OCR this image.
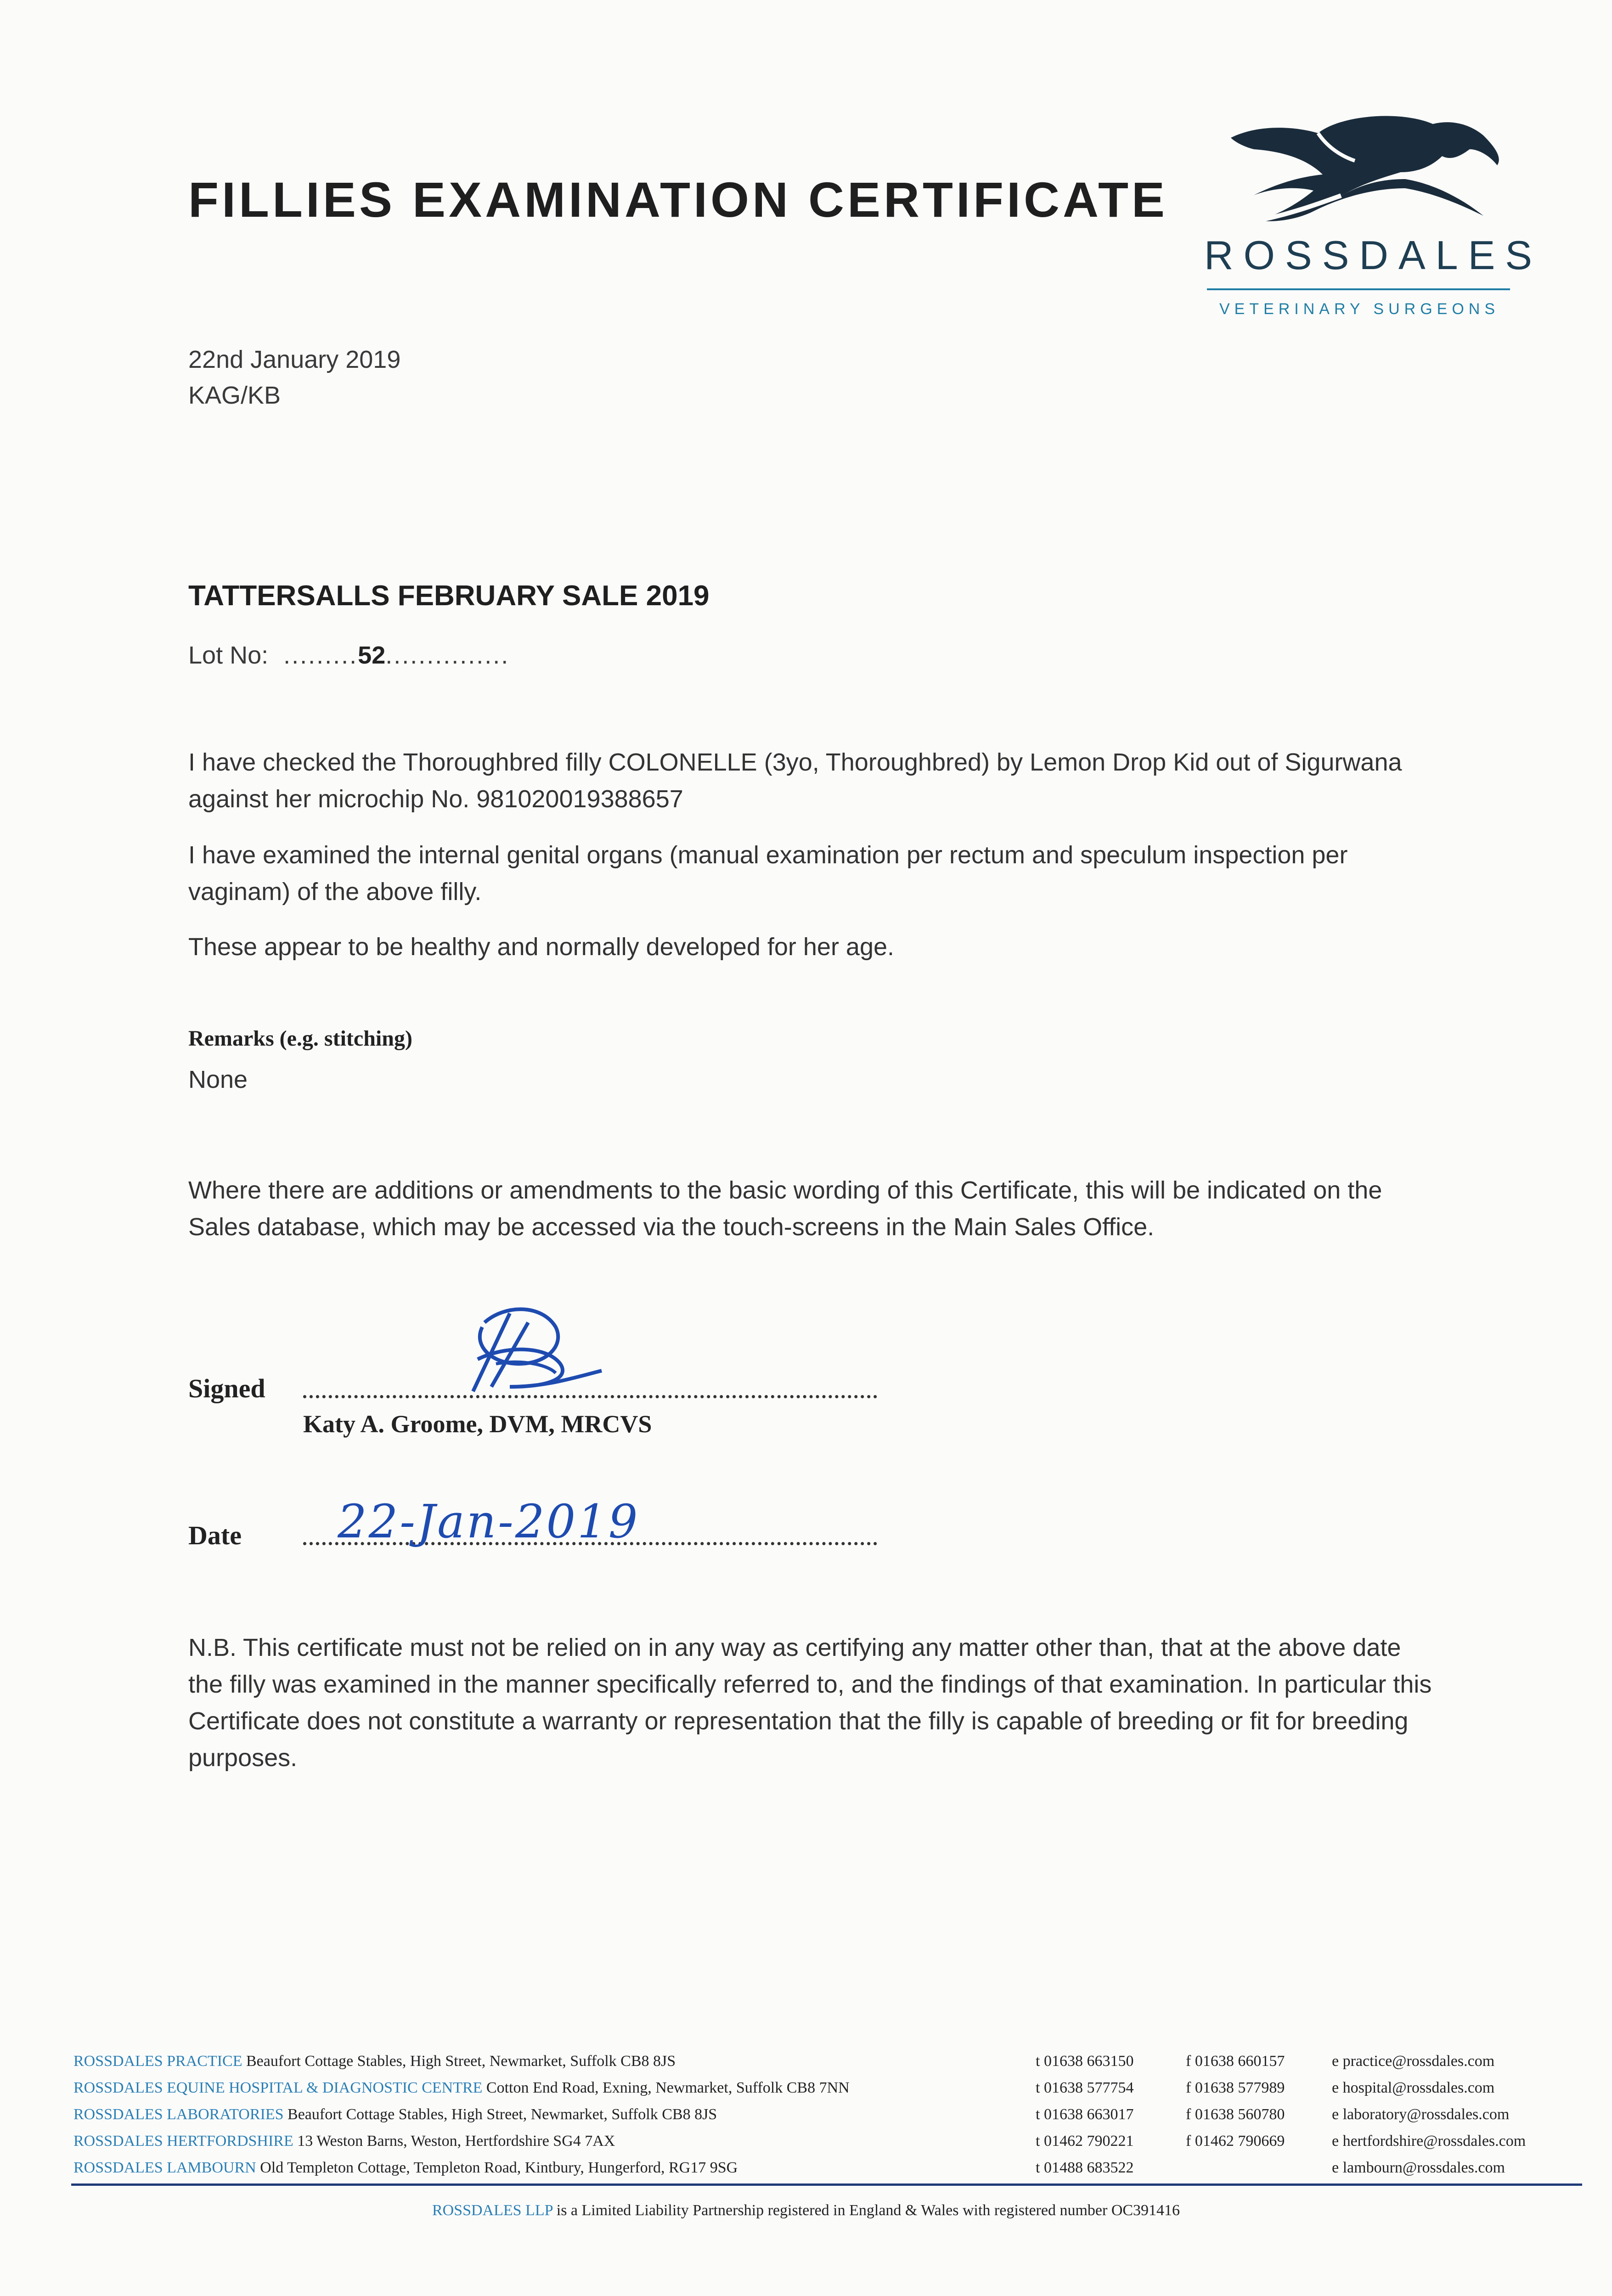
FILLIES EXAMINATION CERTIFICATE
ROSSDALES
VETERINARY SURGEONS
22nd January 2019
KAG/KB
TATTERSALLS FEBRUARY SALE 2019
Lot No:  .........52...............

I have checked the Thoroughbred filly COLONELLE (3yo, Thoroughbred) by Lemon Drop Kid out of Sigurwana against her microchip No. 981020019388657

I have examined the internal genital organs (manual examination per rectum and speculum inspection per vaginam) of the above filly.

These appear to be healthy and normally developed for her age.

Remarks (e.g. stitching)
None

Where there are additions or amendments to the basic wording of this Certificate, this will be indicated on the Sales database, which may be accessed via the touch-screens in the Main Sales Office.

Signed
Katy A. Groome, DVM, MRCVS
Date 22-Jan-2019

N.B. This certificate must not be relied on in any way as certifying any matter other than, that at the above date the filly was examined in the manner specifically referred to, and the findings of that examination. In particular this Certificate does not constitute a warranty or representation that the filly is capable of breeding or fit for breeding purposes.

ROSSDALES PRACTICE Beaufort Cottage Stables, High Street, Newmarket, Suffolk CB8 8JS
ROSSDALES EQUINE HOSPITAL & DIAGNOSTIC CENTRE Cotton End Road, Exning, Newmarket, Suffolk CB8 7NN
ROSSDALES LABORATORIES Beaufort Cottage Stables, High Street, Newmarket, Suffolk CB8 8JS
ROSSDALES HERTFORDSHIRE 13 Weston Barns, Weston, Hertfordshire SG4 7AX
ROSSDALES LAMBOURN Old Templeton Cottage, Templeton Road, Kintbury, Hungerford, RG17 9SG
t 01638 663150
t 01638 577754
t 01638 663017
t 01462 790221
t 01488 683522
f 01638 660157
f 01638 577989
f 01638 560780
f 01462 790669
e practice@rossdales.com
e hospital@rossdales.com
e laboratory@rossdales.com
e hertfordshire@rossdales.com
e lambourn@rossdales.com
ROSSDALES LLP is a Limited Liability Partnership registered in England & Wales with registered number OC391416
